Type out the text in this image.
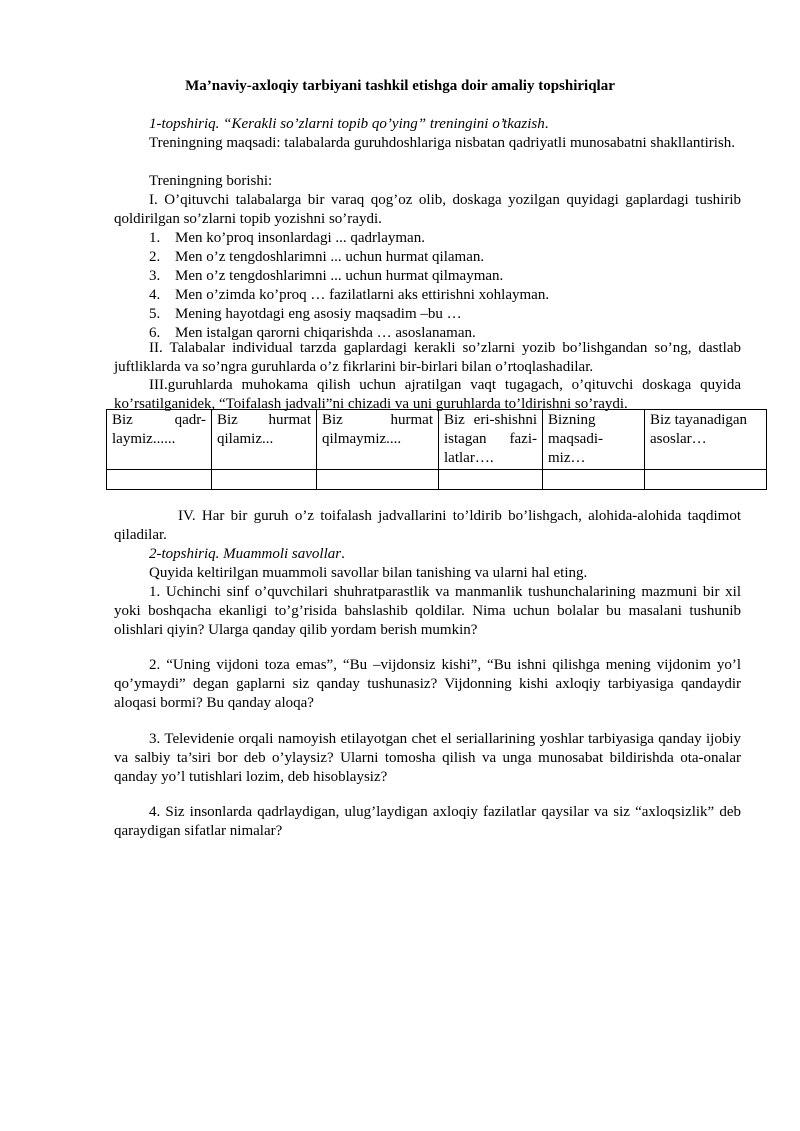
Ma’naviy-axloqiy tarbiyani tashkil etishga doir amaliy topshiriqlar
1-topshiriq. “Kerakli so’zlarni topib qo’ying” treningini o’tkazish.

Treningning maqsadi: talabalarda guruhdoshlariga nisbatan qadriyatli munosabatni shakllantirish.

Treningning borishi:

I. O’qituvchi talabalarga bir varaq qog’oz olib, doskaga yozilgan quyidagi gaplardagi tushirib qoldirilgan so’zlarni topib yozishni so’raydi.

1. Men ko’proq insonlardagi ... qadrlayman.
2. Men o’z tengdoshlarimni ... uchun hurmat qilaman.
3. Men o’z tengdoshlarimni ... uchun hurmat qilmayman.
4. Men o’zimda ko’proq … fazilatlarni aks ettirishni xohlayman.
5. Mening hayotdagi eng asosiy maqsadim –bu …
6. Men istalgan qarorni chiqarishda … asoslanaman.

II. Talabalar individual tarzda gaplardagi kerakli so’zlarni yozib bo’lishgandan so’ng, dastlab juftliklarda va so’ngra guruhlarda o’z fikrlarini bir-birlari bilan o’rtoqlashadilar.

III.guruhlarda muhokama qilish uchun ajratilgan vaqt tugagach, o’qituvchi doskaga quyida ko’rsatilganidek, “Toifalash jadvali”ni chizadi va uni guruhlarda to’ldirishni so’raydi.

Biz qadr-laymiz......	Biz hurmat qilamiz...	Biz hurmat qilmaymiz....	Biz eri-shishni istagan fazi-latlar….	Bizning maqsadi-miz…	Biz tayanadigan asoslar…

IV. Har bir guruh o’z toifalash jadvallarini to’ldirib bo’lishgach, alohida-alohida taqdimot qiladilar.

2-topshiriq. Muammoli savollar.

Quyida keltirilgan muammoli savollar bilan tanishing va ularni hal eting.

1. Uchinchi sinf o’quvchilari shuhratparastlik va manmanlik tushunchalarining mazmuni bir xil yoki boshqacha ekanligi to’g’risida bahslashib qoldilar. Nima uchun bolalar bu masalani tushunib olishlari qiyin? Ularga qanday qilib yordam berish mumkin?

2. “Uning vijdoni toza emas”, “Bu –vijdonsiz kishi”, “Bu ishni qilishga mening vijdonim yo’l qo’ymaydi” degan gaplarni siz qanday tushunasiz? Vijdonning kishi axloqiy tarbiyasiga qandaydir aloqasi bormi? Bu qanday aloqa?

3. Televidenie orqali namoyish etilayotgan chet el seriallarining yoshlar tarbiyasiga qanday ijobiy va salbiy ta’siri bor deb o’ylaysiz? Ularni tomosha qilish va unga munosabat bildirishda ota-onalar qanday yo’l tutishlari lozim, deb hisoblaysiz?

4. Siz insonlarda qadrlaydigan, ulug’laydigan axloqiy fazilatlar qaysilar va siz “axloqsizlik” deb qaraydigan sifatlar nimalar?
